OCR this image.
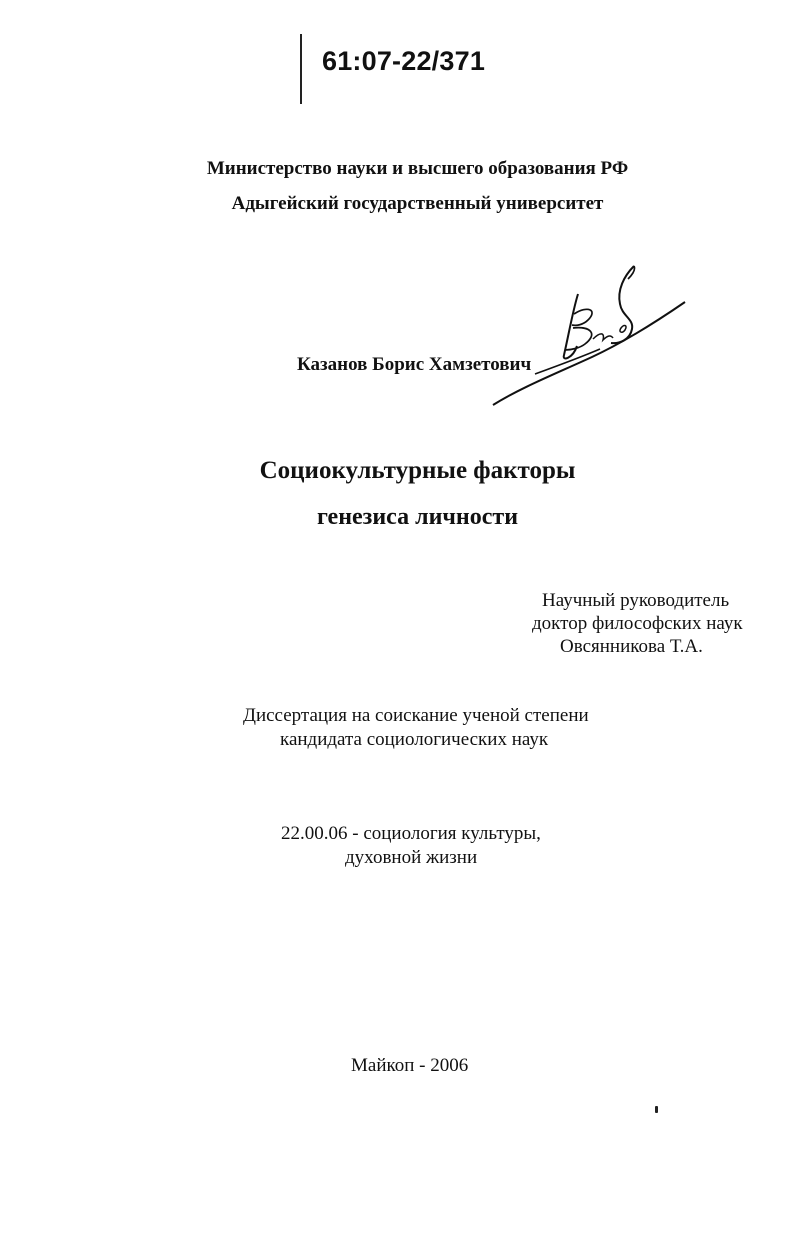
61:07-22/371
Министерство науки и высшего образования РФ
Адыгейский государственный университет
Казанов Борис Хамзетович
Социокультурные факторы
генезиса личности
Научный руководитель
доктор философских наук
Овсянникова Т.А.
Диссертация на соискание ученой степени
кандидата социологических наук
22.00.06 - социология культуры,
духовной жизни
Майкоп - 2006
